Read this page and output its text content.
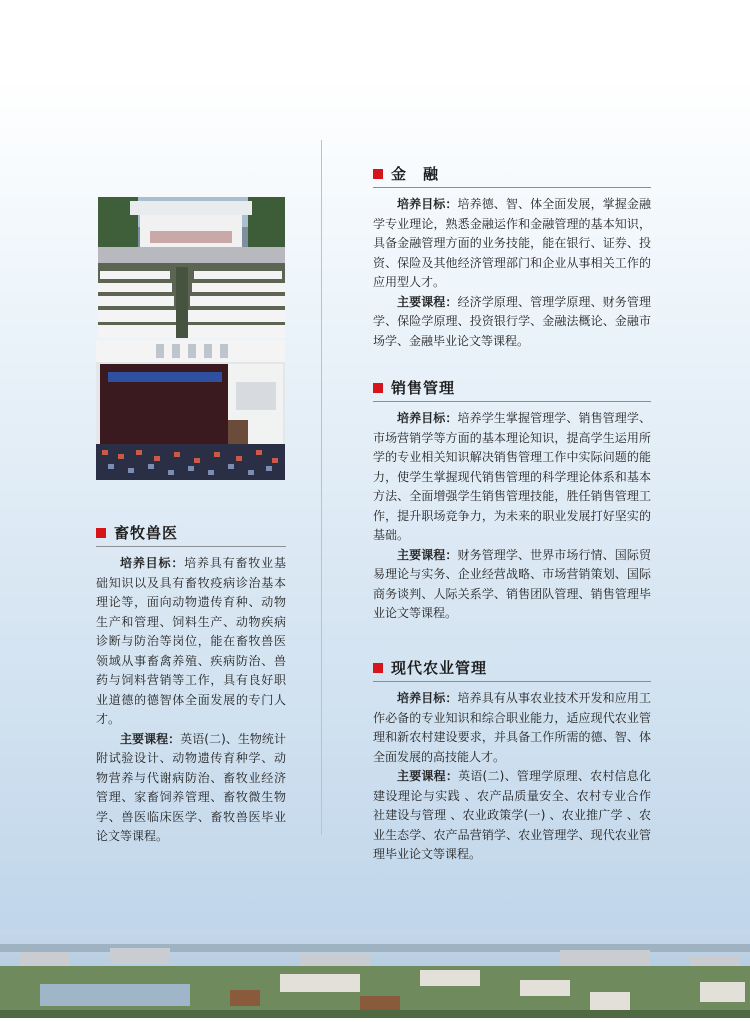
金　融

培养目标：培养德、智、体全面发展，掌握金融学专业理论，熟悉金融运作和金融管理的基本知识，具备金融管理方面的业务技能，能在银行、证券、投资、保险及其他经济管理部门和企业从事相关工作的应用型人才。

主要课程：经济学原理、管理学原理、财务管理学、保险学原理、投资银行学、金融法概论、金融市场学、金融毕业论文等课程。

销售管理

培养目标：培养学生掌握管理学、销售管理学、市场营销学等方面的基本理论知识，提高学生运用所学的专业相关知识解决销售管理工作中实际问题的能力，使学生掌握现代销售管理的科学理论体系和基本方法、全面增强学生销售管理技能，胜任销售管理工作，提升职场竞争力，为未来的职业发展打好坚实的基础。

主要课程：财务管理学、世界市场行情、国际贸易理论与实务、企业经营战略、市场营销策划、国际商务谈判、人际关系学、销售团队管理、销售管理毕业论文等课程。

现代农业管理

培养目标：培养具有从事农业技术开发和应用工作必备的专业知识和综合职业能力，适应现代农业管理和新农村建设要求，并具备工作所需的德、智、体全面发展的高技能人才。

主要课程：英语(二)、管理学原理、农村信息化建设理论与实践 、农产品质量安全、农村专业合作社建设与管理 、农业政策学(一) 、农业推广学 、农业生态学、农产品营销学、农业管理学、现代农业管理毕业论文等课程。

畜牧兽医

培养目标：培养具有畜牧业基础知识以及具有畜牧疫病诊治基本理论等，面向动物遗传育种、动物生产和管理、饲料生产、动物疾病诊断与防治等岗位，能在畜牧兽医领域从事畜禽养殖、疾病防治、兽药与饲料营销等工作，具有良好职业道德的德智体全面发展的专门人才。

主要课程：英语(二)、生物统计附试验设计、动物遗传育种学、动物营养与代谢病防治、畜牧业经济管理、家畜饲养管理、畜牧微生物学、兽医临床医学、畜牧兽医毕业论文等课程。
